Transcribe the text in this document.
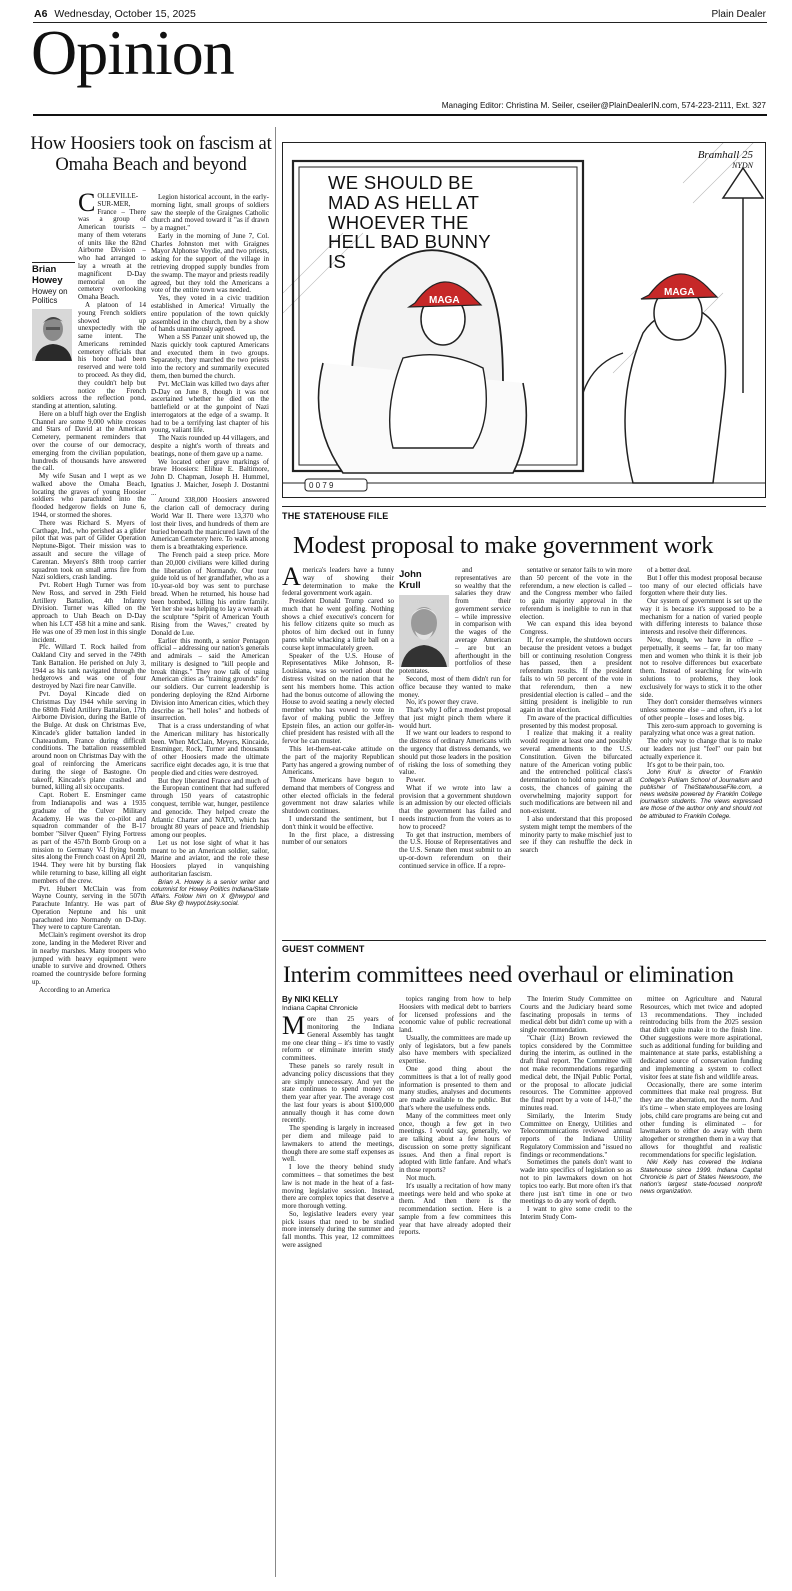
A6 Wednesday, October 15, 2025	Plain Dealer
Opinion
Managing Editor: Christina M. Seiler, cseiler@PlainDealerIN.com, 574-223-2111, Ext. 327
How Hoosiers took on fascism at Omaha Beach and beyond
Brian Howey
Howey on Politics

COLLEVILLE- SUR-MER, France – There was a group of American tourists – many of them veterans of units like the 82nd Airborne Division – who had arranged to lay a wreath at the magnificent D-Day memorial on the cemetery overlooking Omaha Beach.

A platoon of 14 young French soldiers showed up unexpectedly with the same intent. The Americans reminded cemetery officials that his honor had been reserved and were told to proceed. As they did, they couldn't help but notice the French soldiers across the reflection pond, standing at attention, saluting.

Here on a bluff high over the English Channel are some 9,000 white crosses and Stars of David at the American Cemetery, permanent reminders that over the course of our democracy, emerging from the civilian population, hundreds of thousands have answered the call.

My wife Susan and I wept as we walked above the Omaha Beach, locating the graves of young Hoosier soldiers who parachuted into the flooded hedgerow fields on June 6, 1944, or stormed the shores.

There was Richard S. Myers of Carthage, Ind., who perished as a glider pilot that was part of Glider Operation Neptune-Bigot. Their mission was to assault and secure the village of Carentan. Meyers's 88th troop carrier squadron took on small arms fire from Nazi soldiers, crash landing.

Pvt. Robert Hugh Turner was from New Ross, and served in 29th Field Artillery Battalion, 4th Infantry Division. Turner was killed on the approach to Utah Beach on D-Day when his LCT 458 hit a mine and sank. He was one of 39 men lost in this single incident.

Pfc. Willard T. Rock hailed from Oakland City and served in the 749th Tank Battalion. He perished on July 3, 1944 as his tank navigated through the hedgerows and was one of four destroyed by Nazi fire near Canville.

Pvt. Doyal Kincade died on Christmas Day 1944 while serving in the 680th Field Artillery Battalion, 17th Airborne Division, during the Battle of the Bulge. At dusk on Christmas Eve, Kincade's glider battalion landed in Chateaudum, France during difficult conditions. The battalion reassembled around noon on Christmas Day with the goal of reinforcing the Americans during the siege of Bastogne. On takeoff, Kincade's plane crashed and burned, killing all six occupants.

Capt. Robert E. Ensminger came from Indianapolis and was a 1935 graduate of the Culver Military Academy. He was the co-pilot and squadron commander of the B-17 bomber "Silver Queen" Flying Fortress as part of the 457th Bomb Group on a mission to Germany V-I flying bomb sites along the French coast on April 20, 1944. They were hit by bursting flak while returning to base, killing all eight members of the crew.

Pvt. Hubert McClain was from Wayne County, serving in the 507th Parachute Infantry. He was part of Operation Neptune and his unit parachuted into Normandy on D-Day. They were to capture Carentan.

McClain's regiment overshot its drop zone, landing in the Mederet River and in nearby marshes. Many troopers who jumped with heavy equipment were unable to survive and drowned. Others roamed the countryside before forming up.

According to an America

Legion historical account, in the early-morning light, small groups of soldiers saw the steeple of the Graignes Catholic church and moved toward it "as if drawn by a magnet."

Early in the morning of June 7, Col. Charles Johnston met with Graignes Mayor Alphonse Voydie, and two priests, asking for the support of the village in retrieving dropped supply bundles from the swamp. The mayor and priests readily agreed, but they told the Americans a vote of the entire town was needed.

Yes, they voted in a civic tradition established in America! Virtually the entire population of the town quickly assembled in the church, then by a show of hands unanimously agreed.

When a SS Panzer unit showed up, the Nazis quickly took captured Americans and executed them in two groups. Separately, they marched the two priests into the rectory and summarily executed them, then burned the church.

Pvt. McClain was killed two days after D-Day on June 8, though it was not ascertained whether he died on the battlefield or at the gunpoint of Nazi interrogators at the edge of a swamp. It had to be a terrifying last chapter of his young, valiant life.

The Nazis rounded up 44 villagers, and despite a night's worth of threats and beatings, none of them gave up a name.

We located other grave markings of brave Hoosiers: Elihue E. Baltimore, John D. Chapman, Joseph H. Hummel, Ignatius J. Maicher, Joseph J. Dostantni ...

Around 338,000 Hoosiers answered the clarion call of democracy during World War II. There were 13,370 who lost their lives, and hundreds of them are buried beneath the manicured lawn of the American Cemetery here. To walk among them is a breathtaking experience.

The French paid a steep price. More than 20,000 civilians were killed during the liberation of Normandy. Our tour guide told us of her grandfather, who as a 10-year-old boy was sent to purchase bread. When he returned, his house had been bombed, killing his entire family. Yet her she was helping to lay a wreath at the sculpture "Spirit of American Youth Rising from the Waves," created by Donald de Lue.

Earlier this month, a senior Pentagon official – addressing our nation's generals and admirals – said the American military is designed to "kill people and break things." They now talk of using American cities as "training grounds" for our soldiers. Our current leadership is pondering deploying the 82nd Airborne Division into American cities, which they describe as "hell holes" and hotbeds of insurrection.

That is a crass understanding of what the American military has historically been. When McClain, Meyers, Kincaide, Ensminger, Rock, Turner and thousands of other Hoosiers made the ultimate sacrifice eight decades ago, it is true that people died and cities were destroyed.

But they liberated France and much of the European continent that had suffered through 150 years of catastrophic conquest, terrible war, hunger, pestilence and genocide. They helped create the Atlantic Charter and NATO, which has brought 80 years of peace and friendship among our peoples.

Let us not lose sight of what it has meant to be an American soldier, sailor, Marine and aviator, and the role these Hoosiers played in vanquishing authoritarian fascism.

Brian A. Howey is a senior writer and columnist for Howey Politics Indiana/State Affairs. Follow him on X @hwypol and Blue Sky @ hwypol.bsky.social.
MAGA
MAGA
0 0 7 9
WE SHOULD BE MAD AS HELL AT WHOEVER THE HELL BAD BUNNY IS
Bramhall 25
NYDN
THE STATEHOUSE FILE
Modest proposal to make government work

America's leaders have a funny way of showing their determination to make the federal government work again.

President Donald Trump cared so much that he went golfing. Nothing shows a chief executive's concern for his fellow citizens quite so much as photos of him decked out in funny pants while whacking a little ball on a course kept immaculately green.

Speaker of the U.S. House of Representatives Mike Johnson, R-Louisiana, was so worried about the distress visited on the nation that he sent his members home. This action had the bonus outcome of allowing the House to avoid seating a newly elected member who has vowed to vote in favor of making public the Jeffrey Epstein files, an action our golfer-in-chief president has resisted with all the fervor he can muster.

This let-them-eat-cake attitude on the part of the majority Republican Party has angered a growing number of Americans.

Those Americans have begun to demand that members of Congress and other elected officials in the federal government not draw salaries while shutdown continues.

I understand the sentiment, but I don't think it would be effective.

In the first place, a distressing number of our senators

John
Krull

and representatives are so wealthy that the salaries they draw from their government service – while impressive in comparison with the wages of the average American – are but an afterthought in the portfolios of these potentates.

Second, most of them didn't run for office because they wanted to make money.

No, it's power they crave.

That's why I offer a modest proposal that just might pinch them where it would hurt.

If we want our leaders to respond to the distress of ordinary Americans with the urgency that distress demands, we should put those leaders in the position of risking the loss of something they value.

Power.

What if we wrote into law a provision that a government shutdown is an admission by our elected officials that the government has failed and needs instruction from the voters as to how to proceed?

To get that instruction, members of the U.S. House of Representatives and the U.S. Senate then must submit to an up-or-down referendum on their continued service in office. If a repre-

sentative or senator fails to win more than 50 percent of the vote in the referendum, a new election is called – and the Congress member who failed to gain majority approval in the referendum is ineligible to run in that election.

We can expand this idea beyond Congress.

If, for example, the shutdown occurs because the president vetoes a budget bill or continuing resolution Congress has passed, then a president referendum results. If the president fails to win 50 percent of the vote in that referendum, then a new presidential election is called – and the sitting president is ineligible to run again in that election.

I'm aware of the practical difficulties presented by this modest proposal.

I realize that making it a reality would require at least one and possibly several amendments to the U.S. Constitution. Given the bifurcated nature of the American voting public and the entrenched political class's determination to hold onto power at all costs, the chances of gaining the overwhelming majority support for such modifications are between nil and non-existent.

I also understand that this proposed system might tempt the members of the minority party to make mischief just to see if they can reshuffle the deck in search

of a better deal.

But I offer this modest proposal because too many of our elected officials have forgotten where their duty lies.

Our system of government is set up the way it is because it's supposed to be a mechanism for a nation of varied people with differing interests to balance those interests and resolve their differences.

Now, though, we have in office – perpetually, it seems – far, far too many men and women who think it is their job not to resolve differences but exacerbate them. Instead of searching for win-win solutions to problems, they look exclusively for ways to stick it to the other side.

They don't consider themselves winners unless someone else – and often, it's a lot of other people – loses and loses big.

This zero-sum approach to governing is paralyzing what once was a great nation.

The only way to change that is to make our leaders not just "feel" our pain but actually experience it.

It's got to be their pain, too.

John Krull is director of Franklin College's Pulliam School of Journalism and publisher of TheStatehouseFile.com, a news website powered by Franklin College journalism students. The views expressed are those of the author only and should not be attributed to Franklin College.
GUEST COMMENT
Interim committees need overhaul or elimination
By NIKI KELLY
Indiana Capital Chronicle

More than 25 years of monitoring the Indiana General Assembly has taught me one clear thing – it's time to vastly reform or eliminate interim study committees.

These panels so rarely result in advancing policy discussions that they are simply unnecessary. And yet the state continues to spend money on them year after year. The average cost the last four years is about $100,000 annually though it has come down recently.

The spending is largely in increased per diem and mileage paid to lawmakers to attend the meetings, though there are some staff expenses as well.

I love the theory behind study committees – that sometimes the best law is not made in the heat of a fast-moving legislative session. Instead, there are complex topics that deserve a more thorough vetting.

So, legislative leaders every year pick issues that need to be studied more intensely during the summer and fall months. This year, 12 committees were assigned

topics ranging from how to help Hoosiers with medical debt to barriers for licensed professions and the economic value of public recreational land.

Usually, the committees are made up only of legislators, but a few panels also have members with specialized expertise.

One good thing about the committees is that a lot of really good information is presented to them and many studies, analyses and documents are made available to the public. But that's where the usefulness ends.

Many of the committees meet only once, though a few get in two meetings. I would say, generally, we are talking about a few hours of discussion on some pretty significant issues. And then a final report is adopted with little fanfare. And what's in those reports?

Not much.

It's usually a recitation of how many meetings were held and who spoke at them. And then there is the recommendation section. Here is a sample from a few committees this year that have already adopted their reports.

The Interim Study Committee on Courts and the Judiciary heard some fascinating proposals in terms of medical debt but didn't come up with a single recommendation.

"Chair (Liz) Brown reviewed the topics considered by the Committee during the interim, as outlined in the draft final report. The Committee will not make recommendations regarding medical debt, the INjail Public Portal, or the proposal to allocate judicial resources. The Committee approved the final report by a vote of 14-0," the minutes read.

Similarly, the Interim Study Committee on Energy, Utilities and Telecommunications reviewed annual reports of the Indiana Utility Regulatory Commission and "issued no findings or recommendations."

Sometimes the panels don't want to wade into specifics of legislation so as not to pin lawmakers down on hot topics too early. But more often it's that there just isn't time in one or two meetings to do any work of depth.

I want to give some credit to the Interim Study Com-

mittee on Agriculture and Natural Resources, which met twice and adopted 13 recommendations. They included reintroducing bills from the 2025 session that didn't quite make it to the finish line. Other suggestions were more aspirational, such as additional funding for building and maintenance at state parks, establishing a dedicated source of conservation funding and implementing a system to collect visitor fees at state fish and wildlife areas.

Occasionally, there are some interim committees that make real progress. But they are the aberration, not the norm. And it's time – when state employees are losing jobs, child care programs are being cut and other funding is eliminated – for lawmakers to either do away with them altogether or strengthen them in a way that allows for thoughtful and realistic recommendations for specific legislation.

Niki Kelly has covered the Indiana Statehouse since 1999. Indiana Capital Chronicle is part of States Newsroom, the nation's largest state-focused nonprofit news organization.
